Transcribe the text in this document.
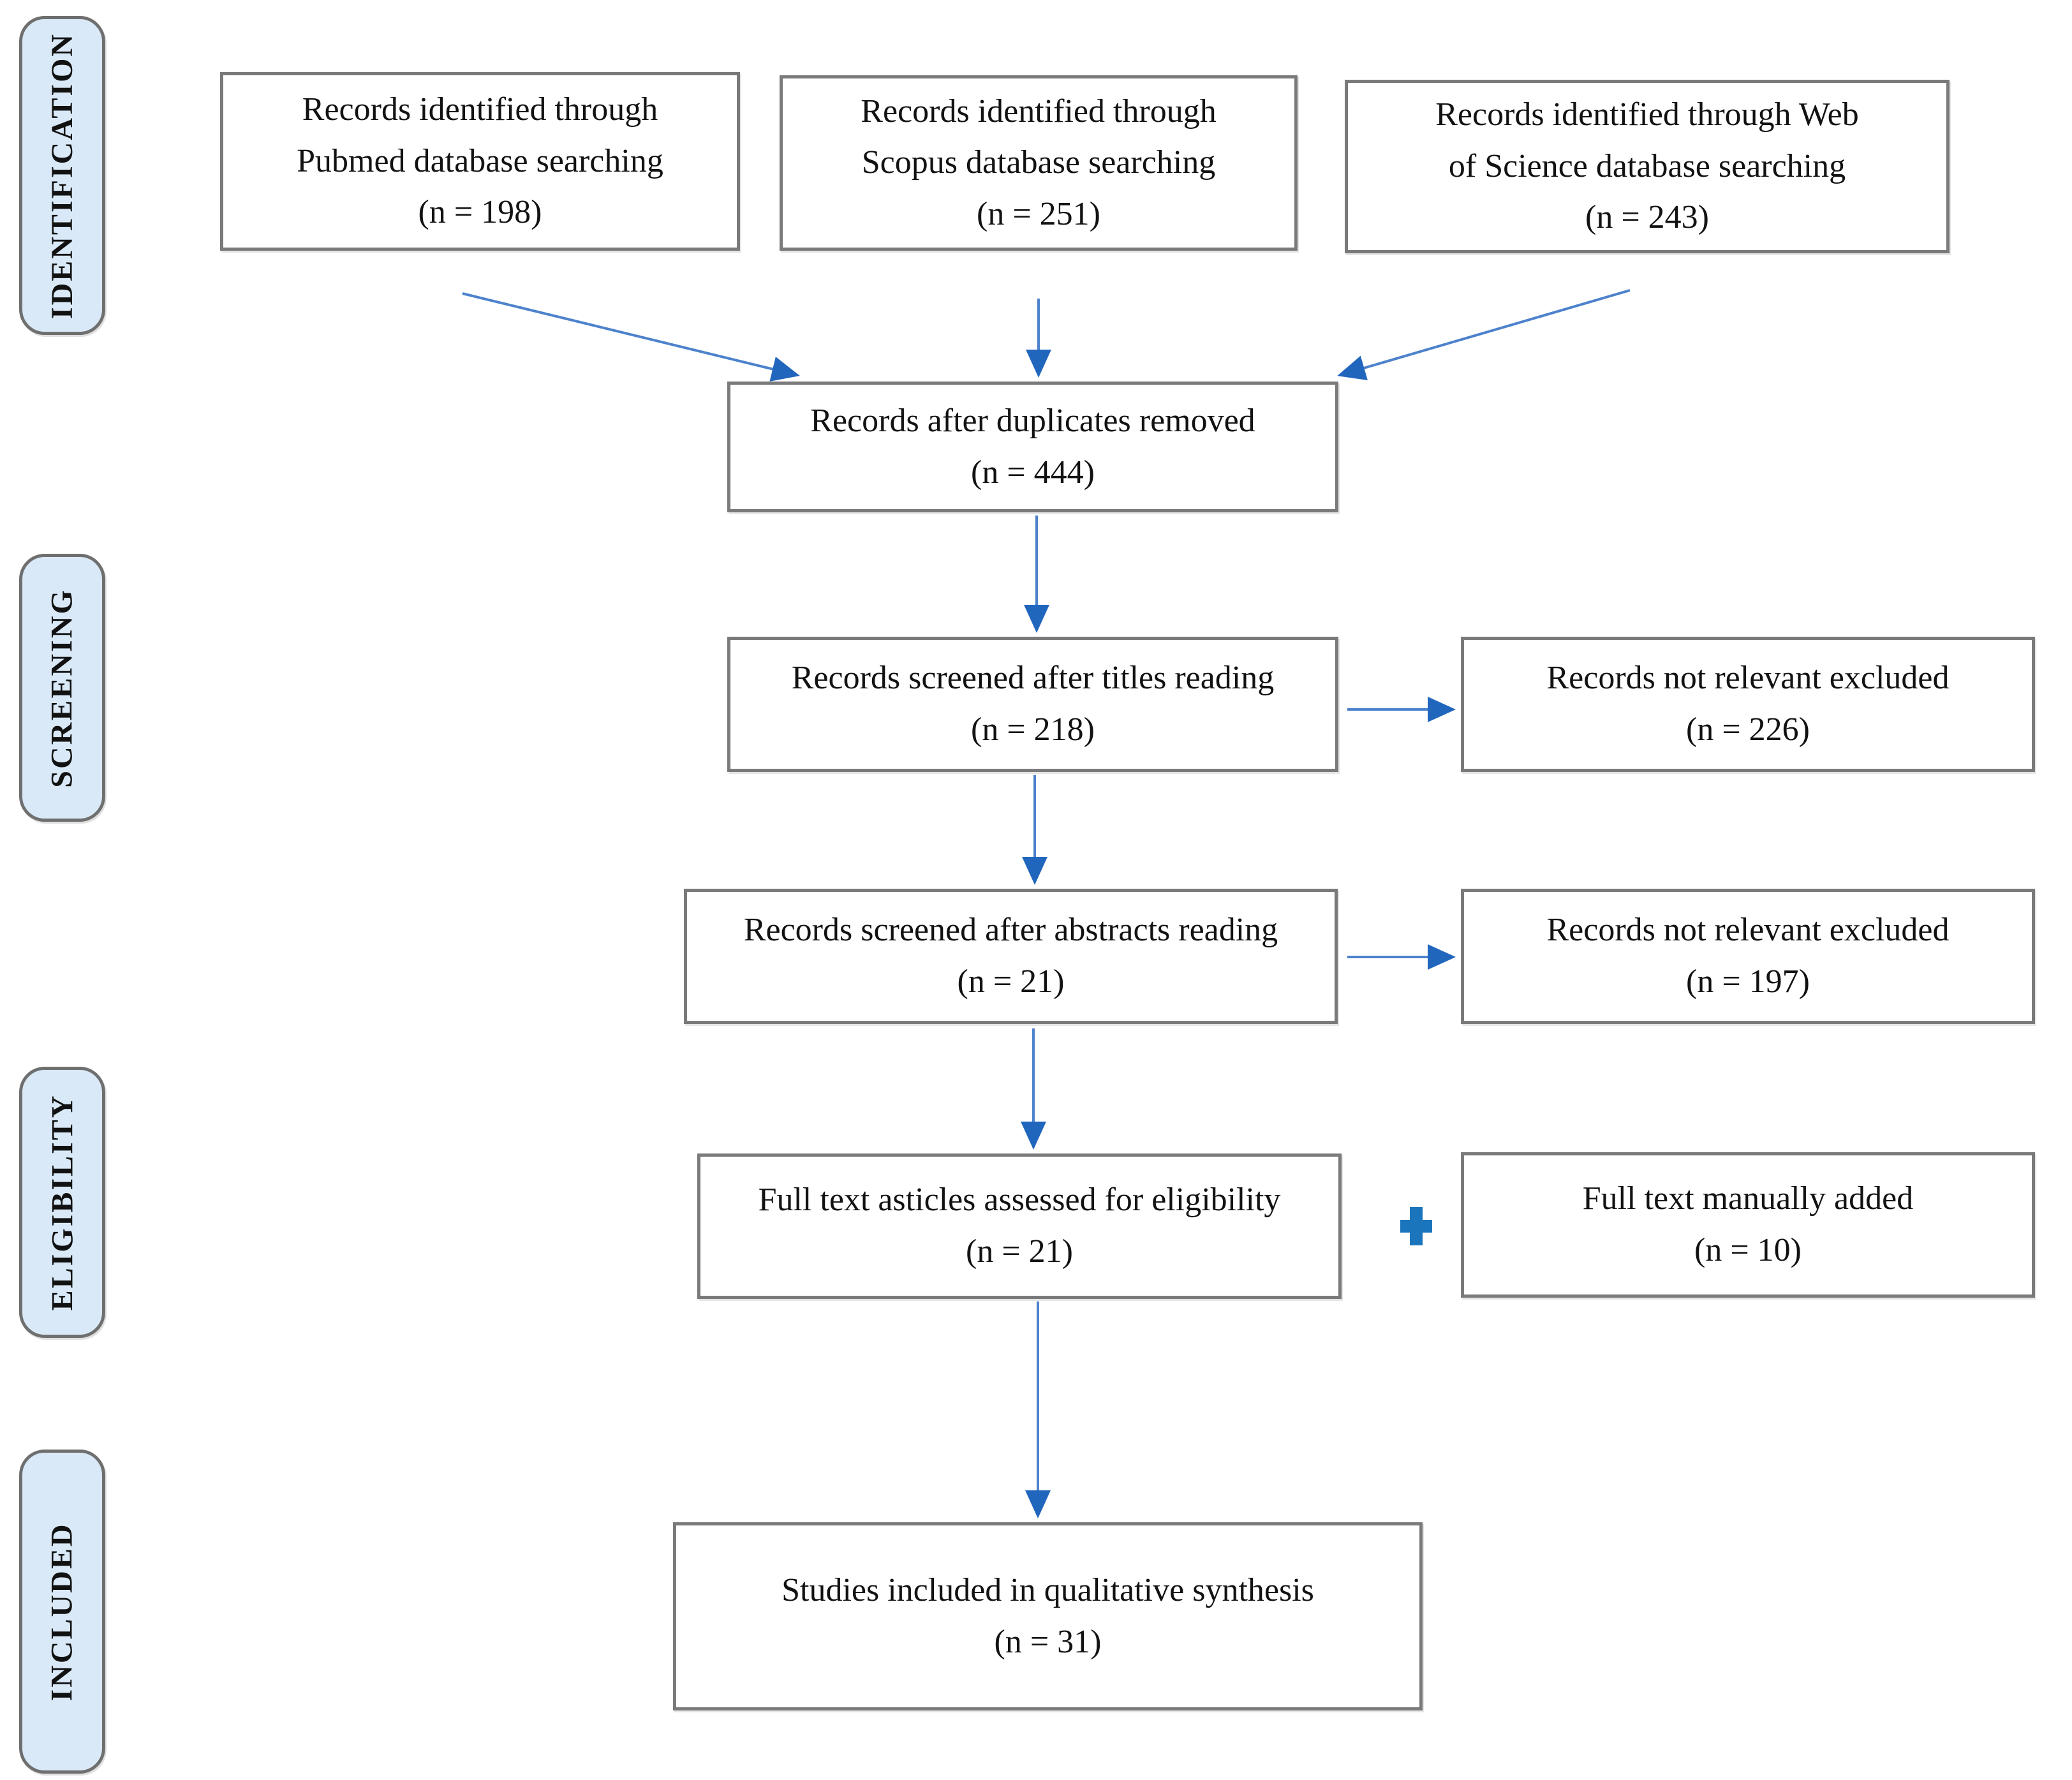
IDENTIFICATION
SCREENING
ELIGIBILITY
INCLUDED
Records identified through Pubmed database searching
(n = 198)
Records identified through Scopus database searching
(n = 251)
Records identified through Web of Science database searching
(n = 243)
Records after duplicates removed
(n = 444)
Records screened after titles reading
(n = 218)
Records not relevant excluded
(n = 226)
Records screened after abstracts reading
(n = 21)
Records not relevant excluded
(n = 197)
Full text asticles assessed for eligibility
(n = 21)
Full text manually added
(n = 10)
Studies included in qualitative synthesis
(n = 31)
